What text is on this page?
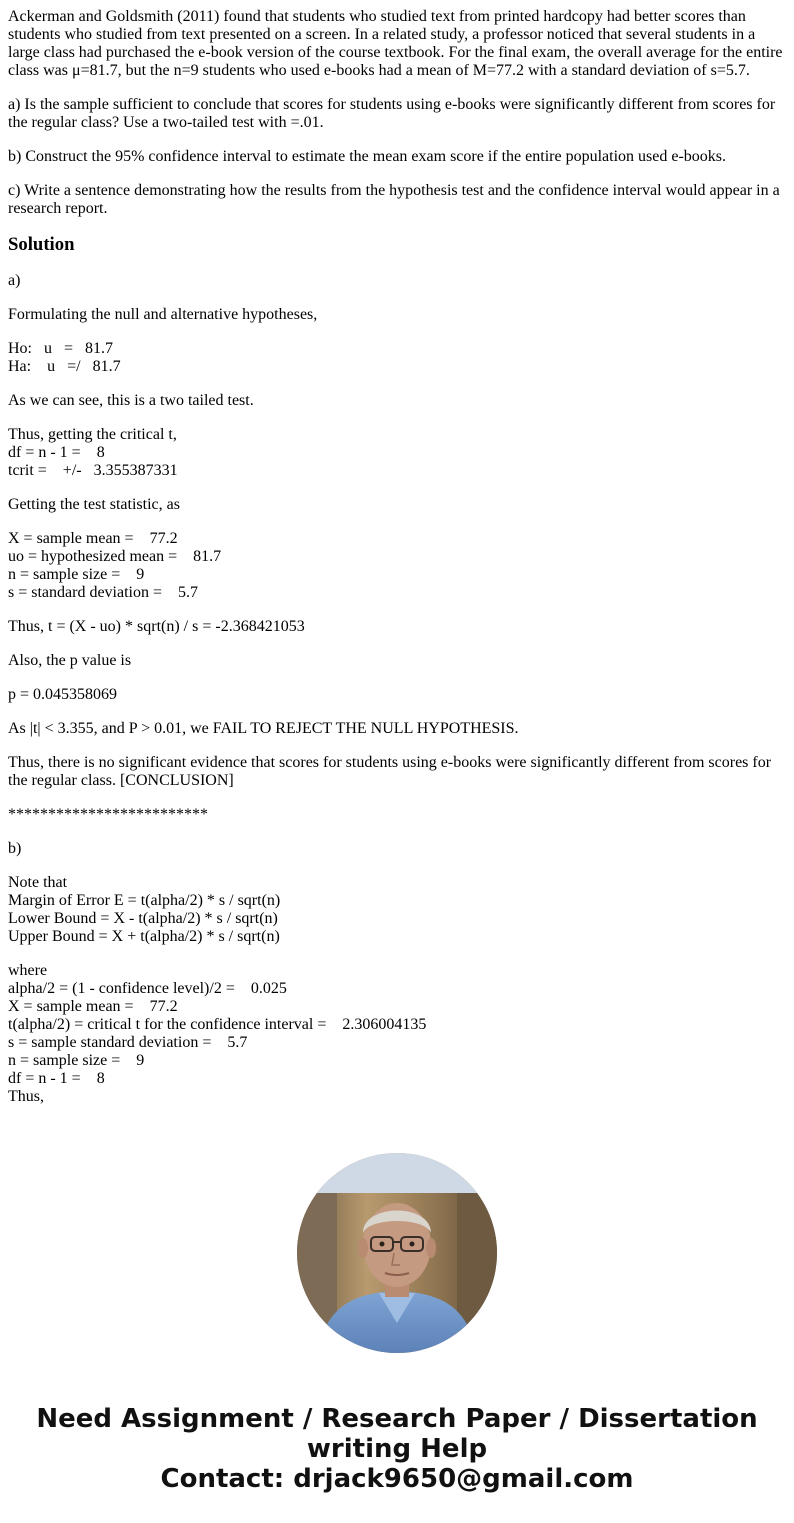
Ackerman and Goldsmith (2011) found that students who studied text from printed hardcopy had better scores than students who studied from text presented on a screen. In a related study, a professor noticed that several students in a large class had purchased the e-book version of the course textbook. For the final exam, the overall average for the entire class was μ=81.7, but the n=9 students who used e-books had a mean of M=77.2 with a standard deviation of s=5.7.

a) Is the sample sufficient to conclude that scores for students using e-books were significantly different from scores for the regular class? Use a two-tailed test with =.01.

b) Construct the 95% confidence interval to estimate the mean exam score if the entire population used e-books.

c) Write a sentence demonstrating how the results from the hypothesis test and the confidence interval would appear in a research report.

Solution

a)

Formulating the null and alternative hypotheses,

Ho:   u   =   81.7
Ha:    u   =/   81.7

As we can see, this is a two tailed test.

Thus, getting the critical t,
df = n - 1 =    8
tcrit =    +/-   3.355387331

Getting the test statistic, as

X = sample mean =    77.2
uo = hypothesized mean =    81.7
n = sample size =    9
s = standard deviation =    5.7

Thus, t = (X - uo) * sqrt(n) / s = -2.368421053

Also, the p value is

p = 0.045358069

As |t| < 3.355, and P > 0.01, we FAIL TO REJECT THE NULL HYPOTHESIS.

Thus, there is no significant evidence that scores for students using e-books were significantly different from scores for the regular class. [CONCLUSION]

*************************

b)

Note that
Margin of Error E = t(alpha/2) * s / sqrt(n)
Lower Bound = X - t(alpha/2) * s / sqrt(n)
Upper Bound = X + t(alpha/2) * s / sqrt(n)

where
alpha/2 = (1 - confidence level)/2 =    0.025
X = sample mean =    77.2
t(alpha/2) = critical t for the confidence interval =    2.306004135
s = sample standard deviation =    5.7
n = sample size =    9
df = n - 1 =    8
Thus,

Need Assignment / Research Paper / Dissertation
writing Help
Contact: drjack9650@gmail.com
